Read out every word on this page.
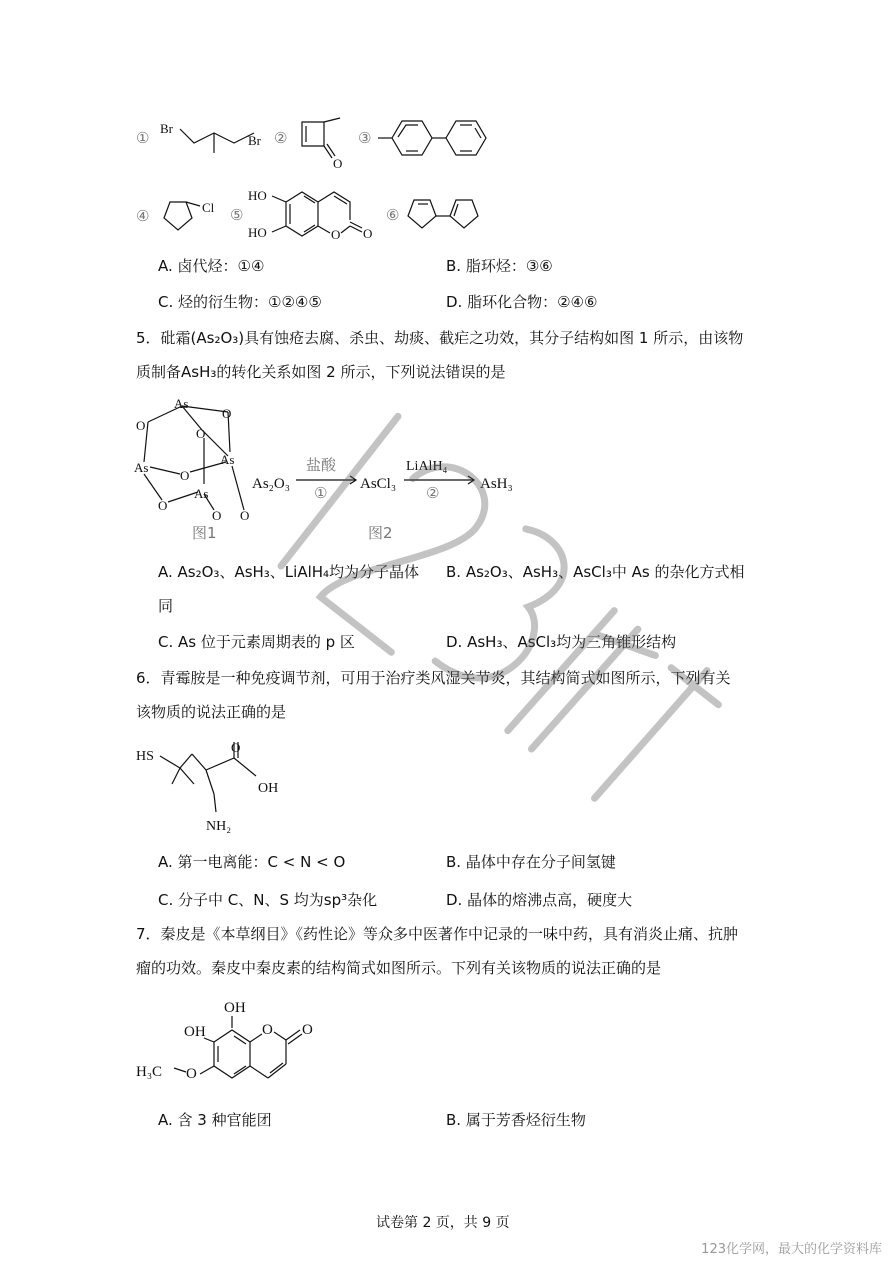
①
Br
Br ②
O
③
④	Cl ⑤
HO
HO	O O
⑥
A. 卤代烃：①④	B. 脂环烃：③⑥
C. 烃的衍生物：①②④⑤	D. 脂环化合物：②④⑥
5．砒霜(As₂O₃)具有蚀疮去腐、杀虫、劫痰、截疟之功效，其分子结构如图 1 所示，由该物
质制备AsH₃的转化关系如图 2 所示，下列说法错误的是
As
O
O
O
As
As
O
As
O
O O
图1
As₂O₃
盐酸
① AsCl₃
LiAlH₄
②	AsH₃
图2
A. As₂O₃、AsH₃、LiAlH₄均为分子晶体 B. As₂O₃、AsH₃、AsCl₃中 As 的杂化方式相
同
C. As 位于元素周期表的 p 区	D. AsH₃、AsCl₃均为三角锥形结构
6．青霉胺是一种免疫调节剂，可用于治疗类风湿关节炎，其结构简式如图所示，下列有关
该物质的说法正确的是
HS
O
OH
NH₂
A. 第一电离能：C < N < O	B. 晶体中存在分子间氢键
C. 分子中 C、N、S 均为sp³杂化	D. 晶体的熔沸点高，硬度大
7．秦皮是《本草纲目》《药性论》等众多中医著作中记录的一味中药，具有消炎止痛、抗肿
瘤的功效。秦皮中秦皮素的结构简式如图所示。下列有关该物质的说法正确的是
OH
OH	O O
O
H₃C
A. 含 3 种官能团	B. 属于芳香烃衍生物
试卷第 2 页，共 9 页
123化学网，最大的化学资料库
